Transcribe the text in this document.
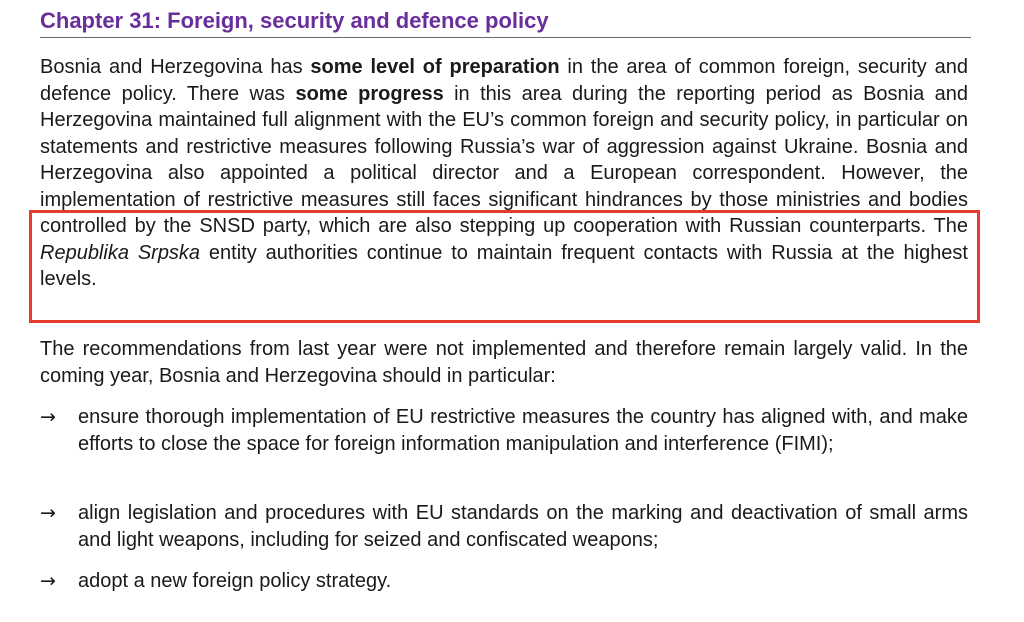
Chapter 31: Foreign, security and defence policy
Bosnia and Herzegovina has some level of preparation in the area of common foreign, security and defence policy. There was some progress in this area during the reporting period as Bosnia and Herzegovina maintained full alignment with the EU’s common foreign and security policy, in particular on statements and restrictive measures following Russia’s war of aggression against Ukraine. Bosnia and Herzegovina also appointed a political director and a European correspondent. However, the implementation of restrictive measures still faces significant hindrances by those ministries and bodies controlled by the SNSD party, which are also stepping up cooperation with Russian counterparts. The Republika Srpska entity authorities continue to maintain frequent contacts with Russia at the highest levels.
The recommendations from last year were not implemented and therefore remain largely valid. In the coming year, Bosnia and Herzegovina should in particular:
→	ensure thorough implementation of EU restrictive measures the country has aligned with, and make efforts to close the space for foreign information manipulation and interference (FIMI);
→	align legislation and procedures with EU standards on the marking and deactivation of small arms and light weapons, including for seized and confiscated weapons;
→	adopt a new foreign policy strategy.
